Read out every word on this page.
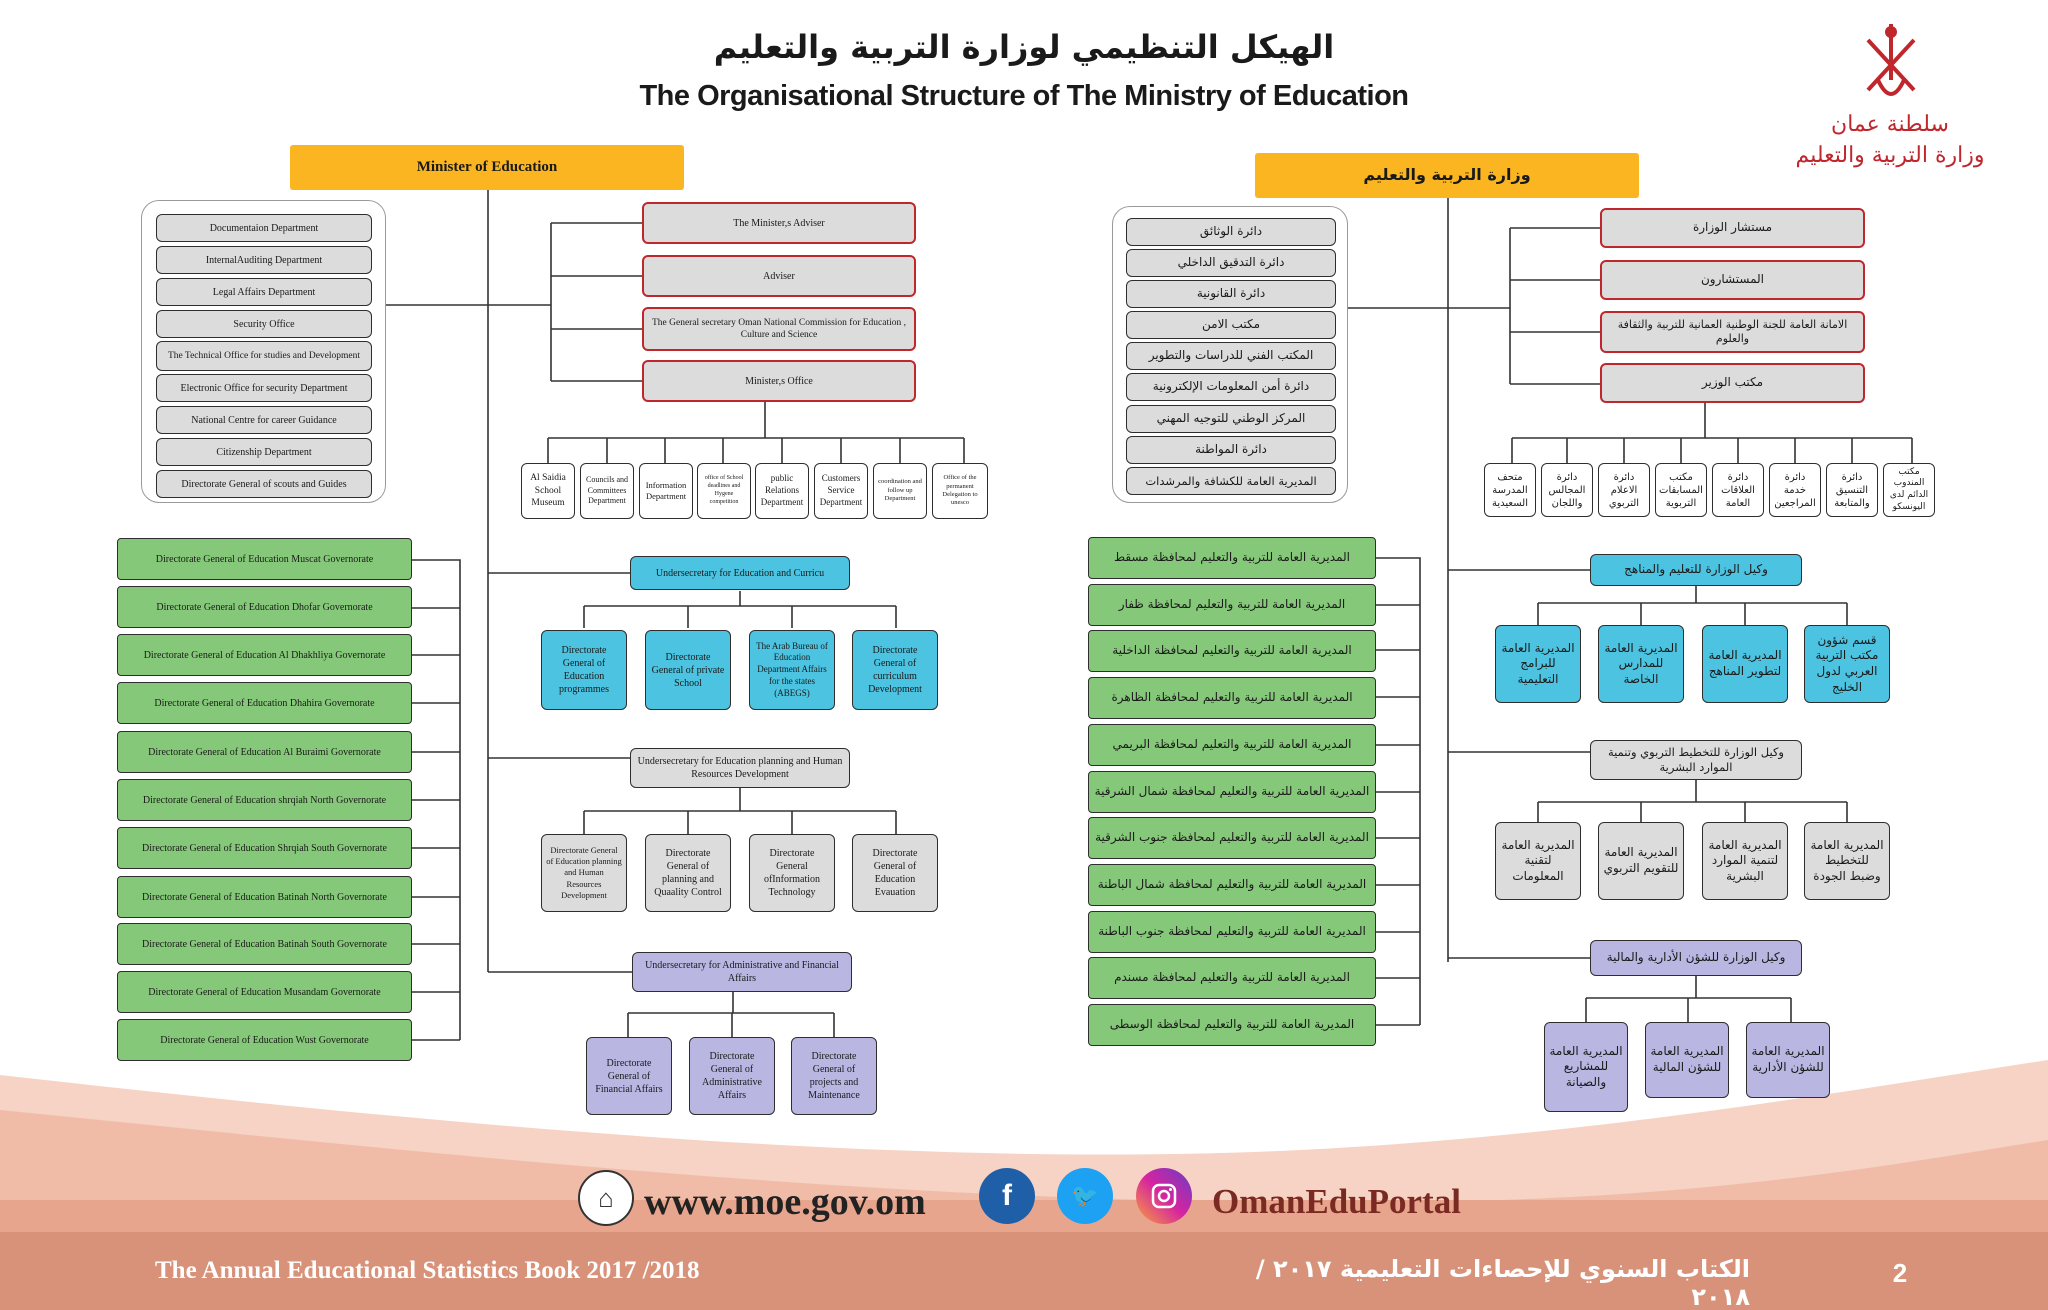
الهيكل التنظيمي لوزارة التربية والتعليم
The Organisational Structure of The Ministry of Education
سلطنة عمان
وزارة التربية والتعليم
Minister of Education
Documentaion Department
InternalAuditing Department
Legal Affairs Department
Security Office
The Technical Office for studies and Development
Electronic Office for security Department
National Centre for career Guidance
Citizenship Department
Directorate General of scouts and Guides
The Minister,s Adviser
Adviser
The General secretary Oman National Commission for Education , Culture and Science
Minister,s Office
Al Saidia School Museum
Councils and Committees Department
Information Department
office of School deadlines and Hygene competition
public Relations Department
Customers Service Department
coordination and follow up Department
Office of the permanent Delegation to unesco
Directorate General of Education Muscat Governorate
Directorate General of Education Dhofar Governorate
Directorate General of Education Al Dhakhliya Governorate
Directorate General of Education Dhahira Governorate
Directorate General of Education Al Buraimi Governorate
Directorate General of Education shrqiah North Governorate
Directorate General of Education Shrqiah South Governorate
Directorate General of Education Batinah North Governorate
Directorate General of Education Batinah South Governorate
Directorate General of Education Musandam Governorate
Directorate General of Education Wust Governorate
Undersecretary for Education and Curricu
Directorate General of Education programmes
Directorate General of private School
The Arab Bureau of Education Department Affairs for the states (ABEGS)
Directorate General of curriculum Development
Undersecretary for Education planning and Human Resources Development
Directorate General of Education planning and Human Resources Development
Directorate General of planning and Quaality Control
Directorate General ofInformation Technology
Directorate General of Education Evauation
Undersecretary for Administrative and Financial Affairs
Directorate General of Financial Affairs
Directorate General of Administrative Affairs
Directorate General of projects and Maintenance
وزارة التربية والتعليم
دائرة الوثائق
دائرة التدقيق الداخلي
دائرة القانونية
مكتب الامن
المكتب الفني للدراسات والتطوير
دائرة أمن المعلومات الإلكترونية
المركز الوطني للتوجيه المهني
دائرة المواطنة
المديرية العامة للكشافة والمرشدات
مستشار الوزارة
المستشارون
الامانة العامة للجنة الوطنية العمانية للتربية والثقافة والعلوم
مكتب الوزير
مكتب المندوب الدائم لدى اليونسكو
دائرة التنسيق والمتابعة
دائرة خدمة المراجعين
دائرة العلاقات العامة
مكتب المسابقات التربوية
دائرة الاعلام التربوي
دائرة المجالس واللجان
متحف المدرسة السعيدية
المديرية العامة للتربية والتعليم لمحافظة مسقط
المديرية العامة للتربية والتعليم لمحافظة ظفار
المديرية العامة للتربية والتعليم لمحافظة الداخلية
المديرية العامة للتربية والتعليم لمحافظة الظاهرة
المديرية العامة للتربية والتعليم لمحافظة البريمي
المديرية العامة للتربية والتعليم لمحافظة شمال الشرقية
المديرية العامة للتربية والتعليم لمحافظة جنوب الشرقية
المديرية العامة للتربية والتعليم لمحافظة شمال الباطنة
المديرية العامة للتربية والتعليم لمحافظة جنوب الباطنة
المديرية العامة للتربية والتعليم لمحافظة مسندم
المديرية العامة للتربية والتعليم لمحافظة الوسطى
وكيل الوزارة للتعليم والمناهج
قسم شؤون مكتب التربية العربي لدول الخليج
المديرية العامة لتطوير المناهج
المديرية العامة للمدارس الخاصة
المديرية العامة للبرامج التعليمية
وكيل الوزارة للتخطيط التربوي وتنمية الموارد البشرية
المديرية العامة للتخطيط وضبط الجودة
المديرية العامة لتنمية الموارد البشرية
المديرية العامة للتقويم التربوي
المديرية العامة لتقنية المعلومات
وكيل الوزارة للشؤن الأدارية والمالية
المديرية العامة للشؤن الأدارية
المديرية العامة للشؤن المالية
المديرية العامة للمشاريع والصيانة
⌂ www.moe.gov.om	f	🐦	OmanEduPortal
The Annual Educational Statistics Book 2017 /2018	الكتاب السنوي للإحصاءات التعليمية ٢٠١٧ / ٢٠١٨
2
